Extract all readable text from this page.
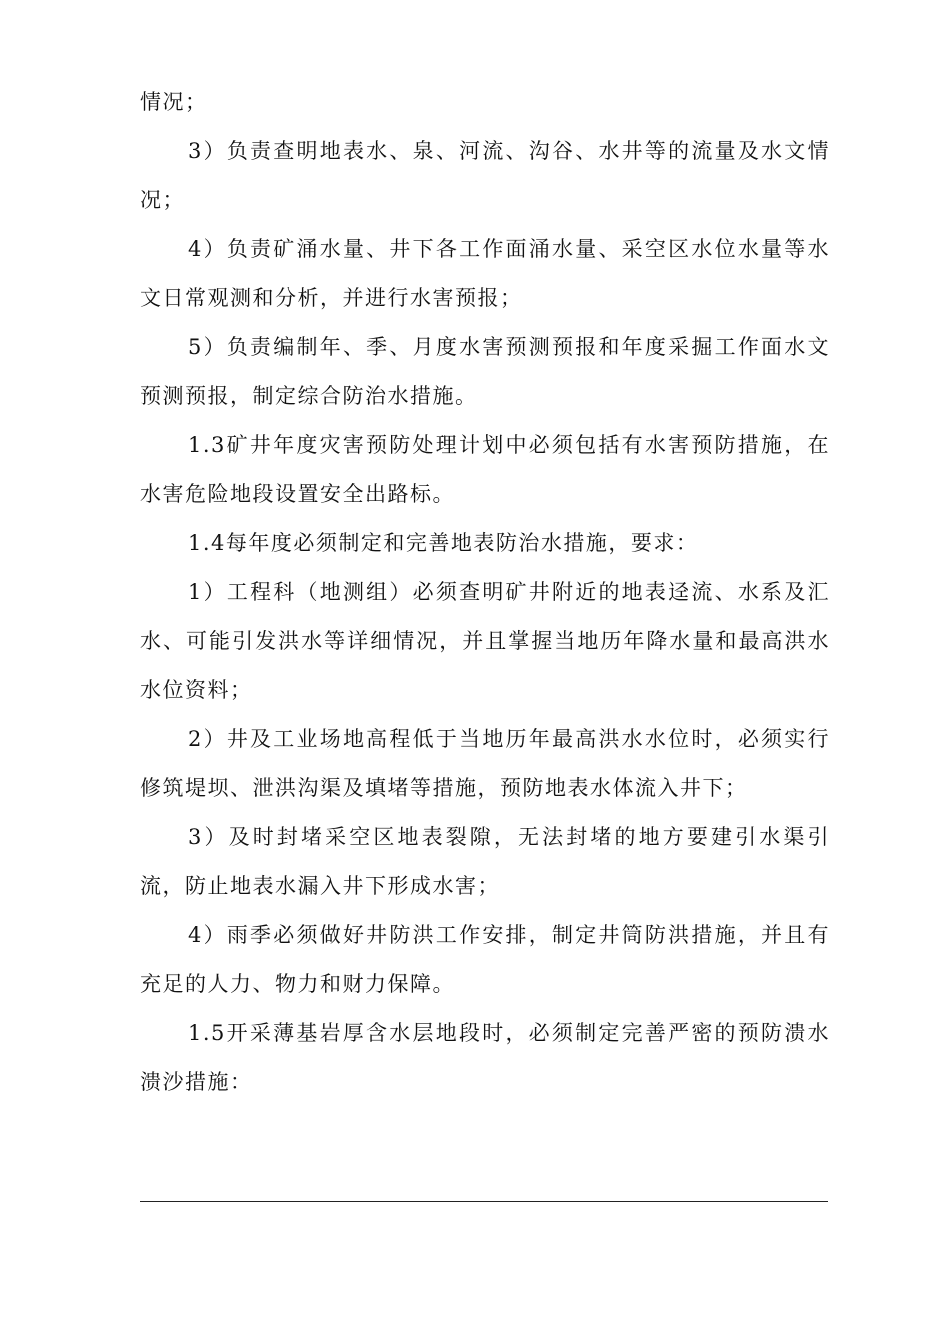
情况；

3）负责查明地表水、泉、河流、沟谷、水井等的流量及水文情况；

4）负责矿涌水量、井下各工作面涌水量、采空区水位水量等水文日常观测和分析，并进行水害预报；

5）负责编制年、季、月度水害预测预报和年度采掘工作面水文预测预报，制定综合防治水措施。

1.3矿井年度灾害预防处理计划中必须包括有水害预防措施，在水害危险地段设置安全出路标。

1.4每年度必须制定和完善地表防治水措施，要求：

1）工程科（地测组）必须查明矿井附近的地表迳流、水系及汇水、可能引发洪水等详细情况，并且掌握当地历年降水量和最高洪水水位资料；

2）井及工业场地高程低于当地历年最高洪水水位时，必须实行修筑堤坝、泄洪沟渠及填堵等措施，预防地表水体流入井下；

3）及时封堵采空区地表裂隙，无法封堵的地方要建引水渠引流，防止地表水漏入井下形成水害；

4）雨季必须做好井防洪工作安排，制定井筒防洪措施，并且有充足的人力、物力和财力保障。

1.5开采薄基岩厚含水层地段时，必须制定完善严密的预防溃水溃沙措施：
